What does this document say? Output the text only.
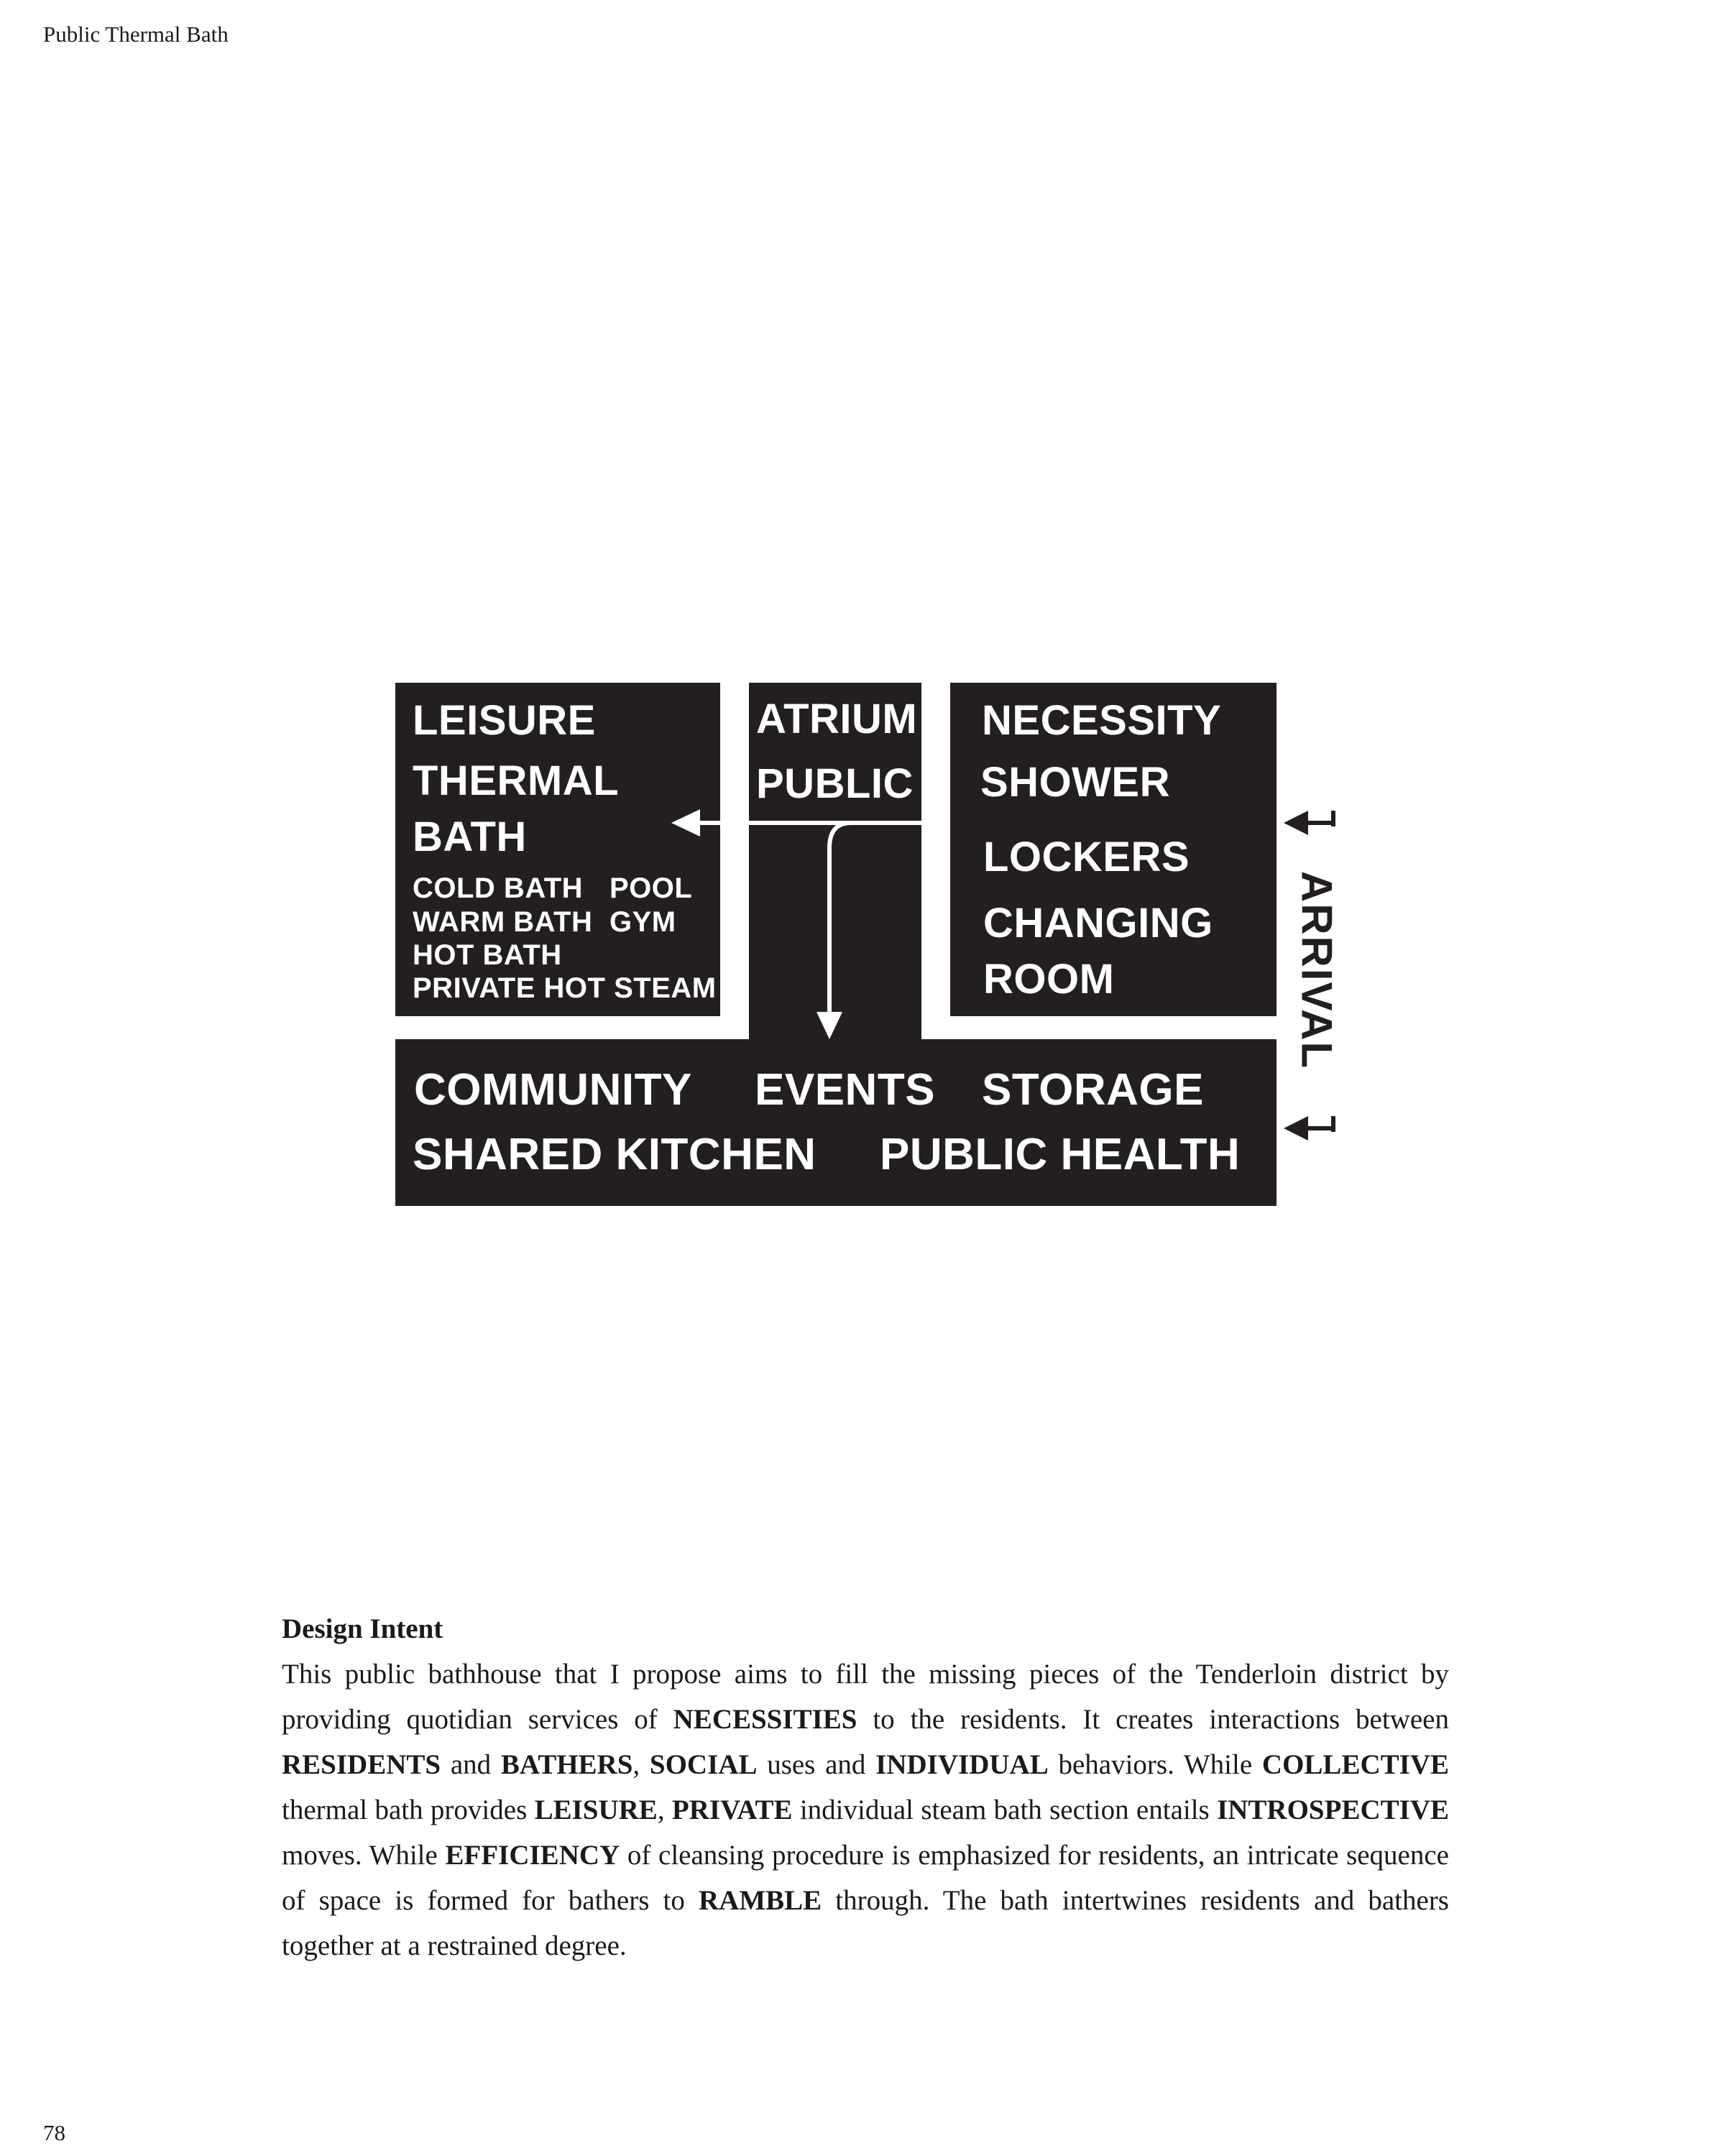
Public Thermal Bath
LEISURE
THERMAL
BATH
COLD BATH
WARM BATH
HOT BATH
PRIVATE HOT STEAM
POOL
GYM
ATRIUM
PUBLIC
NECESSITY
SHOWER
LOCKERS
CHANGING
ROOM
COMMUNITY EVENTS STORAGE
SHARED KITCHEN PUBLIC HEALTH
ARRIVAL

Design Intent

This public bathhouse that I propose aims to fill the missing pieces of the Tenderloin district by providing quotidian services of NECESSITIES to the residents. It creates interactions between RESIDENTS and BATHERS, SOCIAL uses and INDIVIDUAL behaviors. While COLLECTIVE thermal bath provides LEISURE, PRIVATE individual steam bath section entails INTROSPECTIVE moves. While EFFICIENCY of cleansing procedure is emphasized for residents, an intricate sequence of space is formed for bathers to RAMBLE through. The bath intertwines residents and bathers together at a restrained degree.

78
